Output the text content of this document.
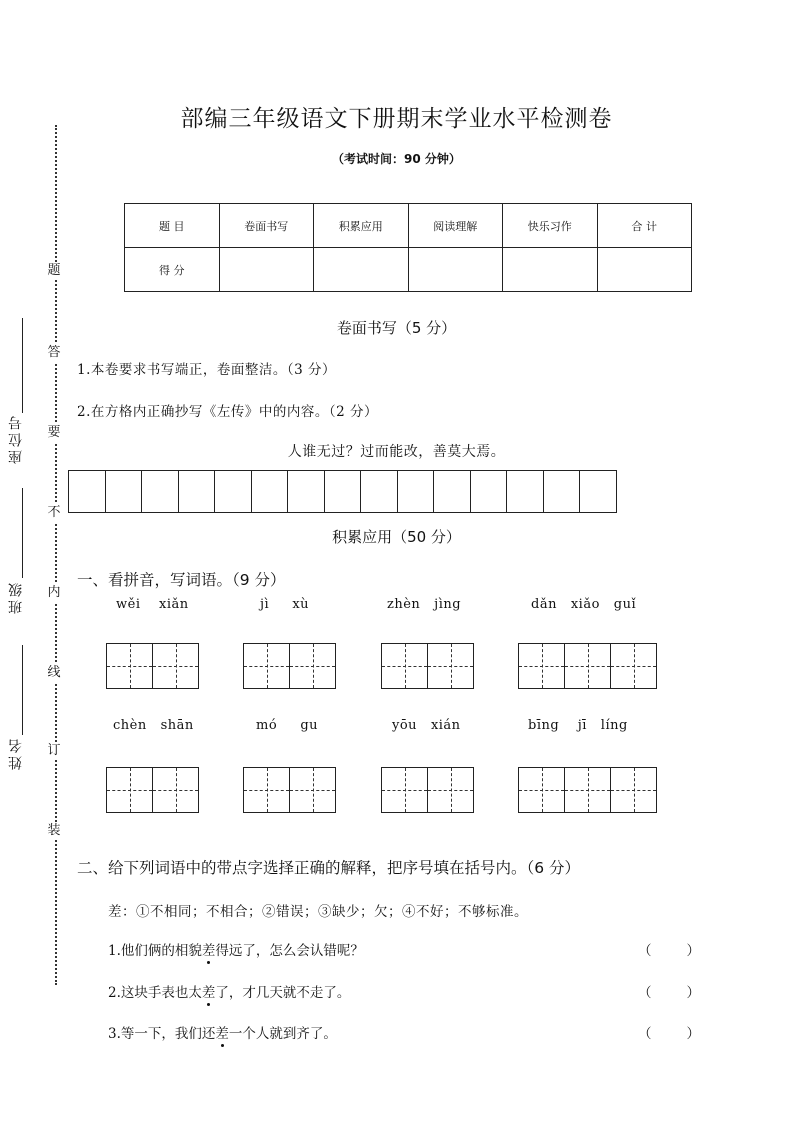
题
答
要
不
内
线
订
装
座位号
班级
姓名
部编三年级语文下册期末学业水平检测卷
（考试时间：90 分钟）
题 目	卷面书写	积累应用	阅读理解	快乐习作	合 计
得 分					
卷面书写（5 分）
1.本卷要求书写端正，卷面整洁。（3 分）
2.在方格内正确抄写《左传》中的内容。（2 分）
人谁无过？过而能改，善莫大焉。
积累应用（50 分）
一、看拼音，写词语。（9 分）
wěi    xiǎn	jì     xù	zhèn   jìng	dǎn   xiǎo   guǐ
chèn   shān	mó     gu	yōu   xián	bīng    jī   líng
二、给下列词语中的带点字选择正确的解释，把序号填在括号内。（6 分）
差：①不相同；不相合；②错误；③缺少；欠；④不好；不够标准。
1.他们俩的相貌差得远了，怎么会认错呢？	（	）
2.这块手表也太差了，才几天就不走了。	（	）
3.等一下，我们还差一个人就到齐了。	（	）
